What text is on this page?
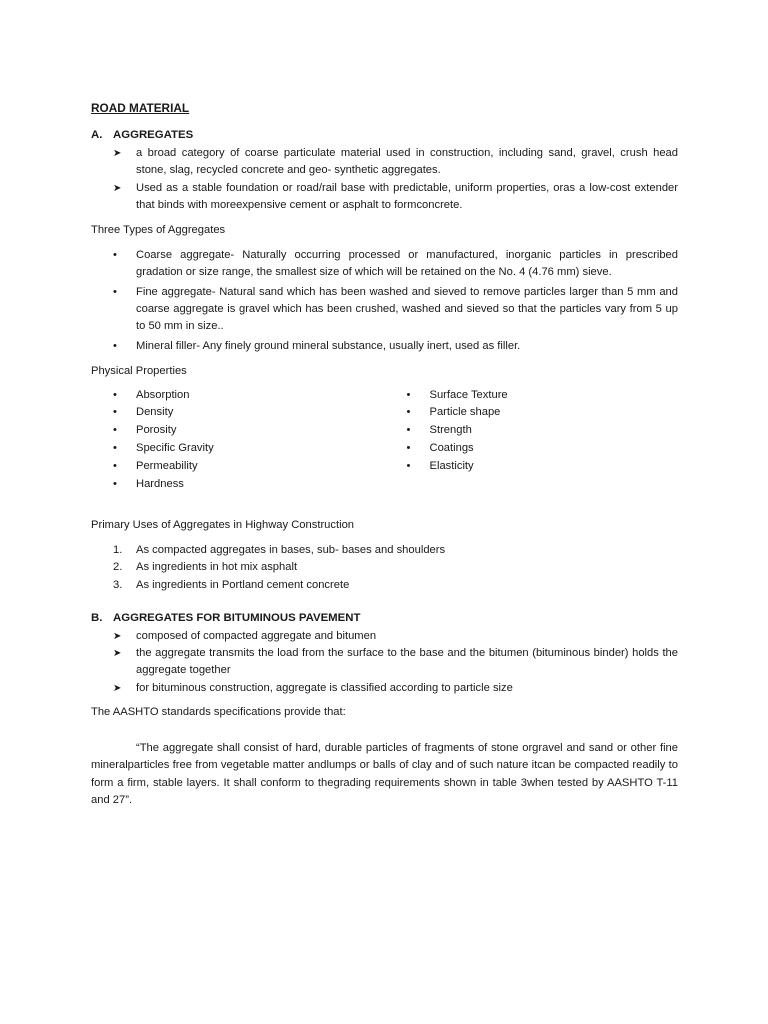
ROAD MATERIAL
A. AGGREGATES
➤ a broad category of coarse particulate material used in construction, including sand, gravel, crush head stone, slag, recycled concrete and geo- synthetic aggregates.
➤ Used as a stable foundation or road/rail base with predictable, uniform properties, oras a low-cost extender that binds with moreexpensive cement or asphalt to formconcrete.

Three Types of Aggregates

• Coarse aggregate- Naturally occurring processed or manufactured, inorganic particles in prescribed gradation or size range, the smallest size of which will be retained on the No. 4 (4.76 mm) sieve.
• Fine aggregate- Natural sand which has been washed and sieved to remove particles larger than 5 mm and coarse aggregate is gravel which has been crushed, washed and sieved so that the particles vary from 5 up to 50 mm in size..
• Mineral filler- Any finely ground mineral substance, usually inert, used as filler.

Physical Properties

• Absorption
• Density
• Porosity
• Specific Gravity
• Permeability
• Hardness
• Surface Texture
• Particle shape
• Strength
• Coatings
• Elasticity

Primary Uses of Aggregates in Highway Construction

1. As compacted aggregates in bases, sub- bases and shoulders
2. As ingredients in hot mix asphalt
3. As ingredients in Portland cement concrete
B. AGGREGATES FOR BITUMINOUS PAVEMENT
➤ composed of compacted aggregate and bitumen
➤ the aggregate transmits the load from the surface to the base and the bitumen (bituminous binder) holds the aggregate together
➤ for bituminous construction, aggregate is classified according to particle size

The AASHTO standards specifications provide that:

“The aggregate shall consist of hard, durable particles of fragments of stone orgravel and sand or other fine mineralparticles free from vegetable matter andlumps or balls of clay and of such nature itcan be compacted readily to form a firm, stable layers. It shall conform to thegrading requirements shown in table 3when tested by AASHTO T-11 and 27”.
